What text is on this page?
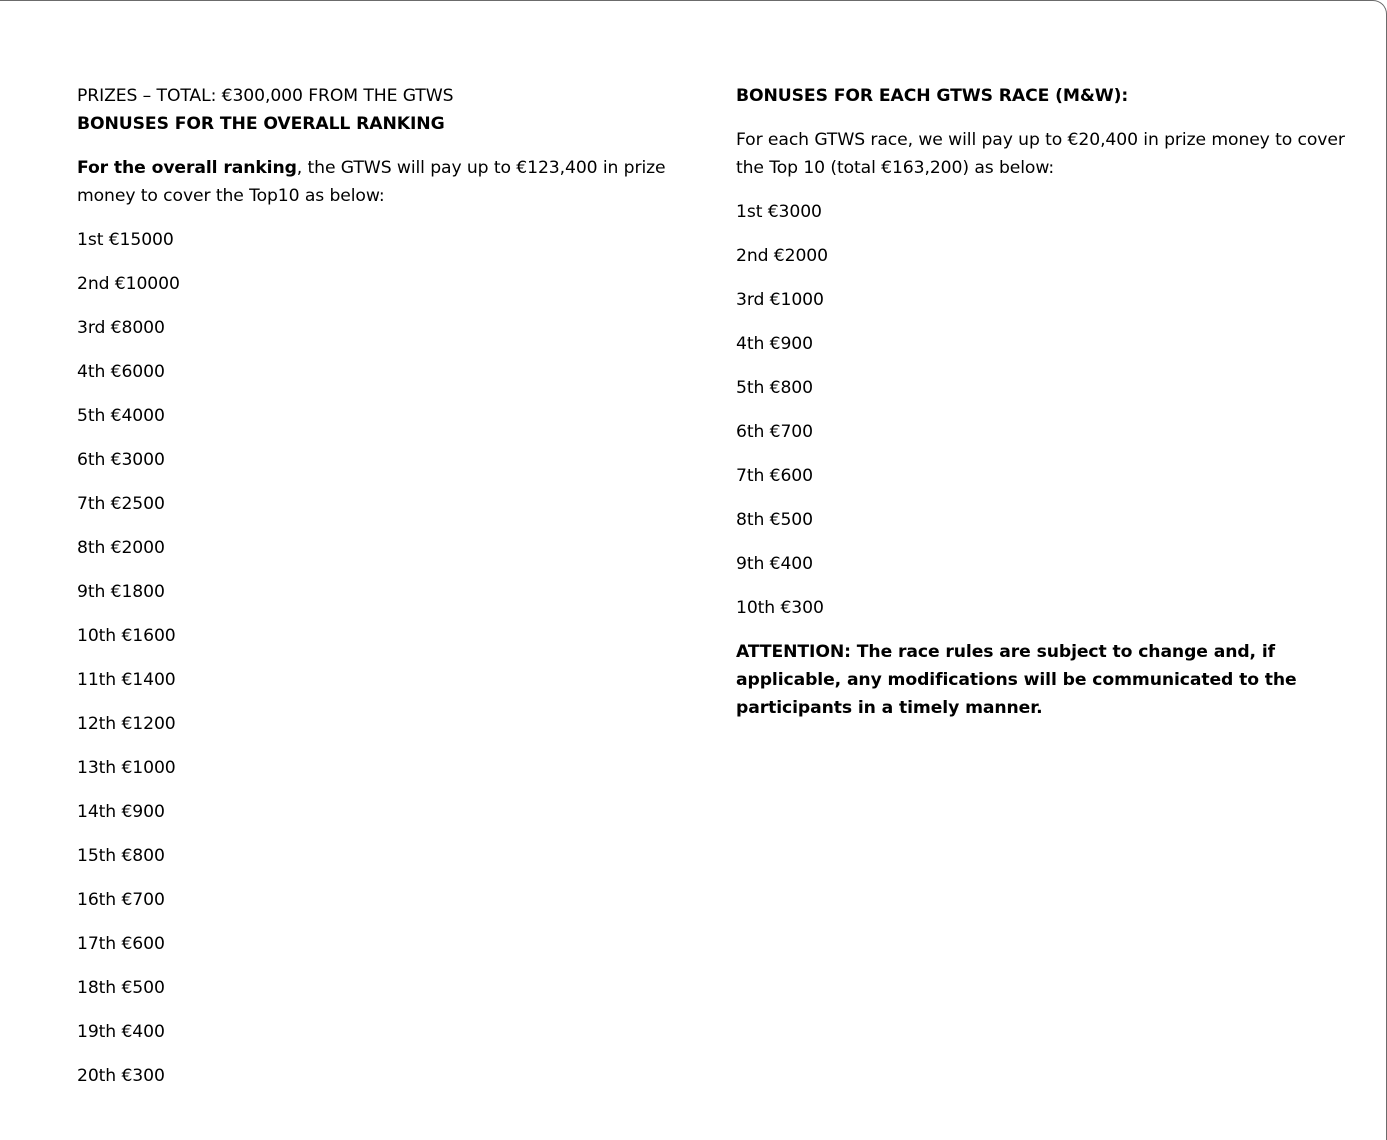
PRIZES – TOTAL: €300,000 FROM THE GTWS

BONUSES FOR THE OVERALL RANKING

For the overall ranking, the GTWS will pay up to €123,400 in prize money to cover the Top10 as below:

1st €15000
2nd €10000
3rd €8000
4th €6000
5th €4000
6th €3000
7th €2500
8th €2000
9th €1800
10th €1600
11th €1400
12th €1200
13th €1000
14th €900
15th €800
16th €700
17th €600
18th €500
19th €400
20th €300

BONUSES FOR EACH GTWS RACE (M&W):

For each GTWS race, we will pay up to €20,400 in prize money to cover the Top 10 (total €163,200) as below:

1st €3000
2nd €2000
3rd €1000
4th €900
5th €800
6th €700
7th €600
8th €500
9th €400
10th €300

ATTENTION: The race rules are subject to change and, if applicable, any modifications will be communicated to the participants in a timely manner.
